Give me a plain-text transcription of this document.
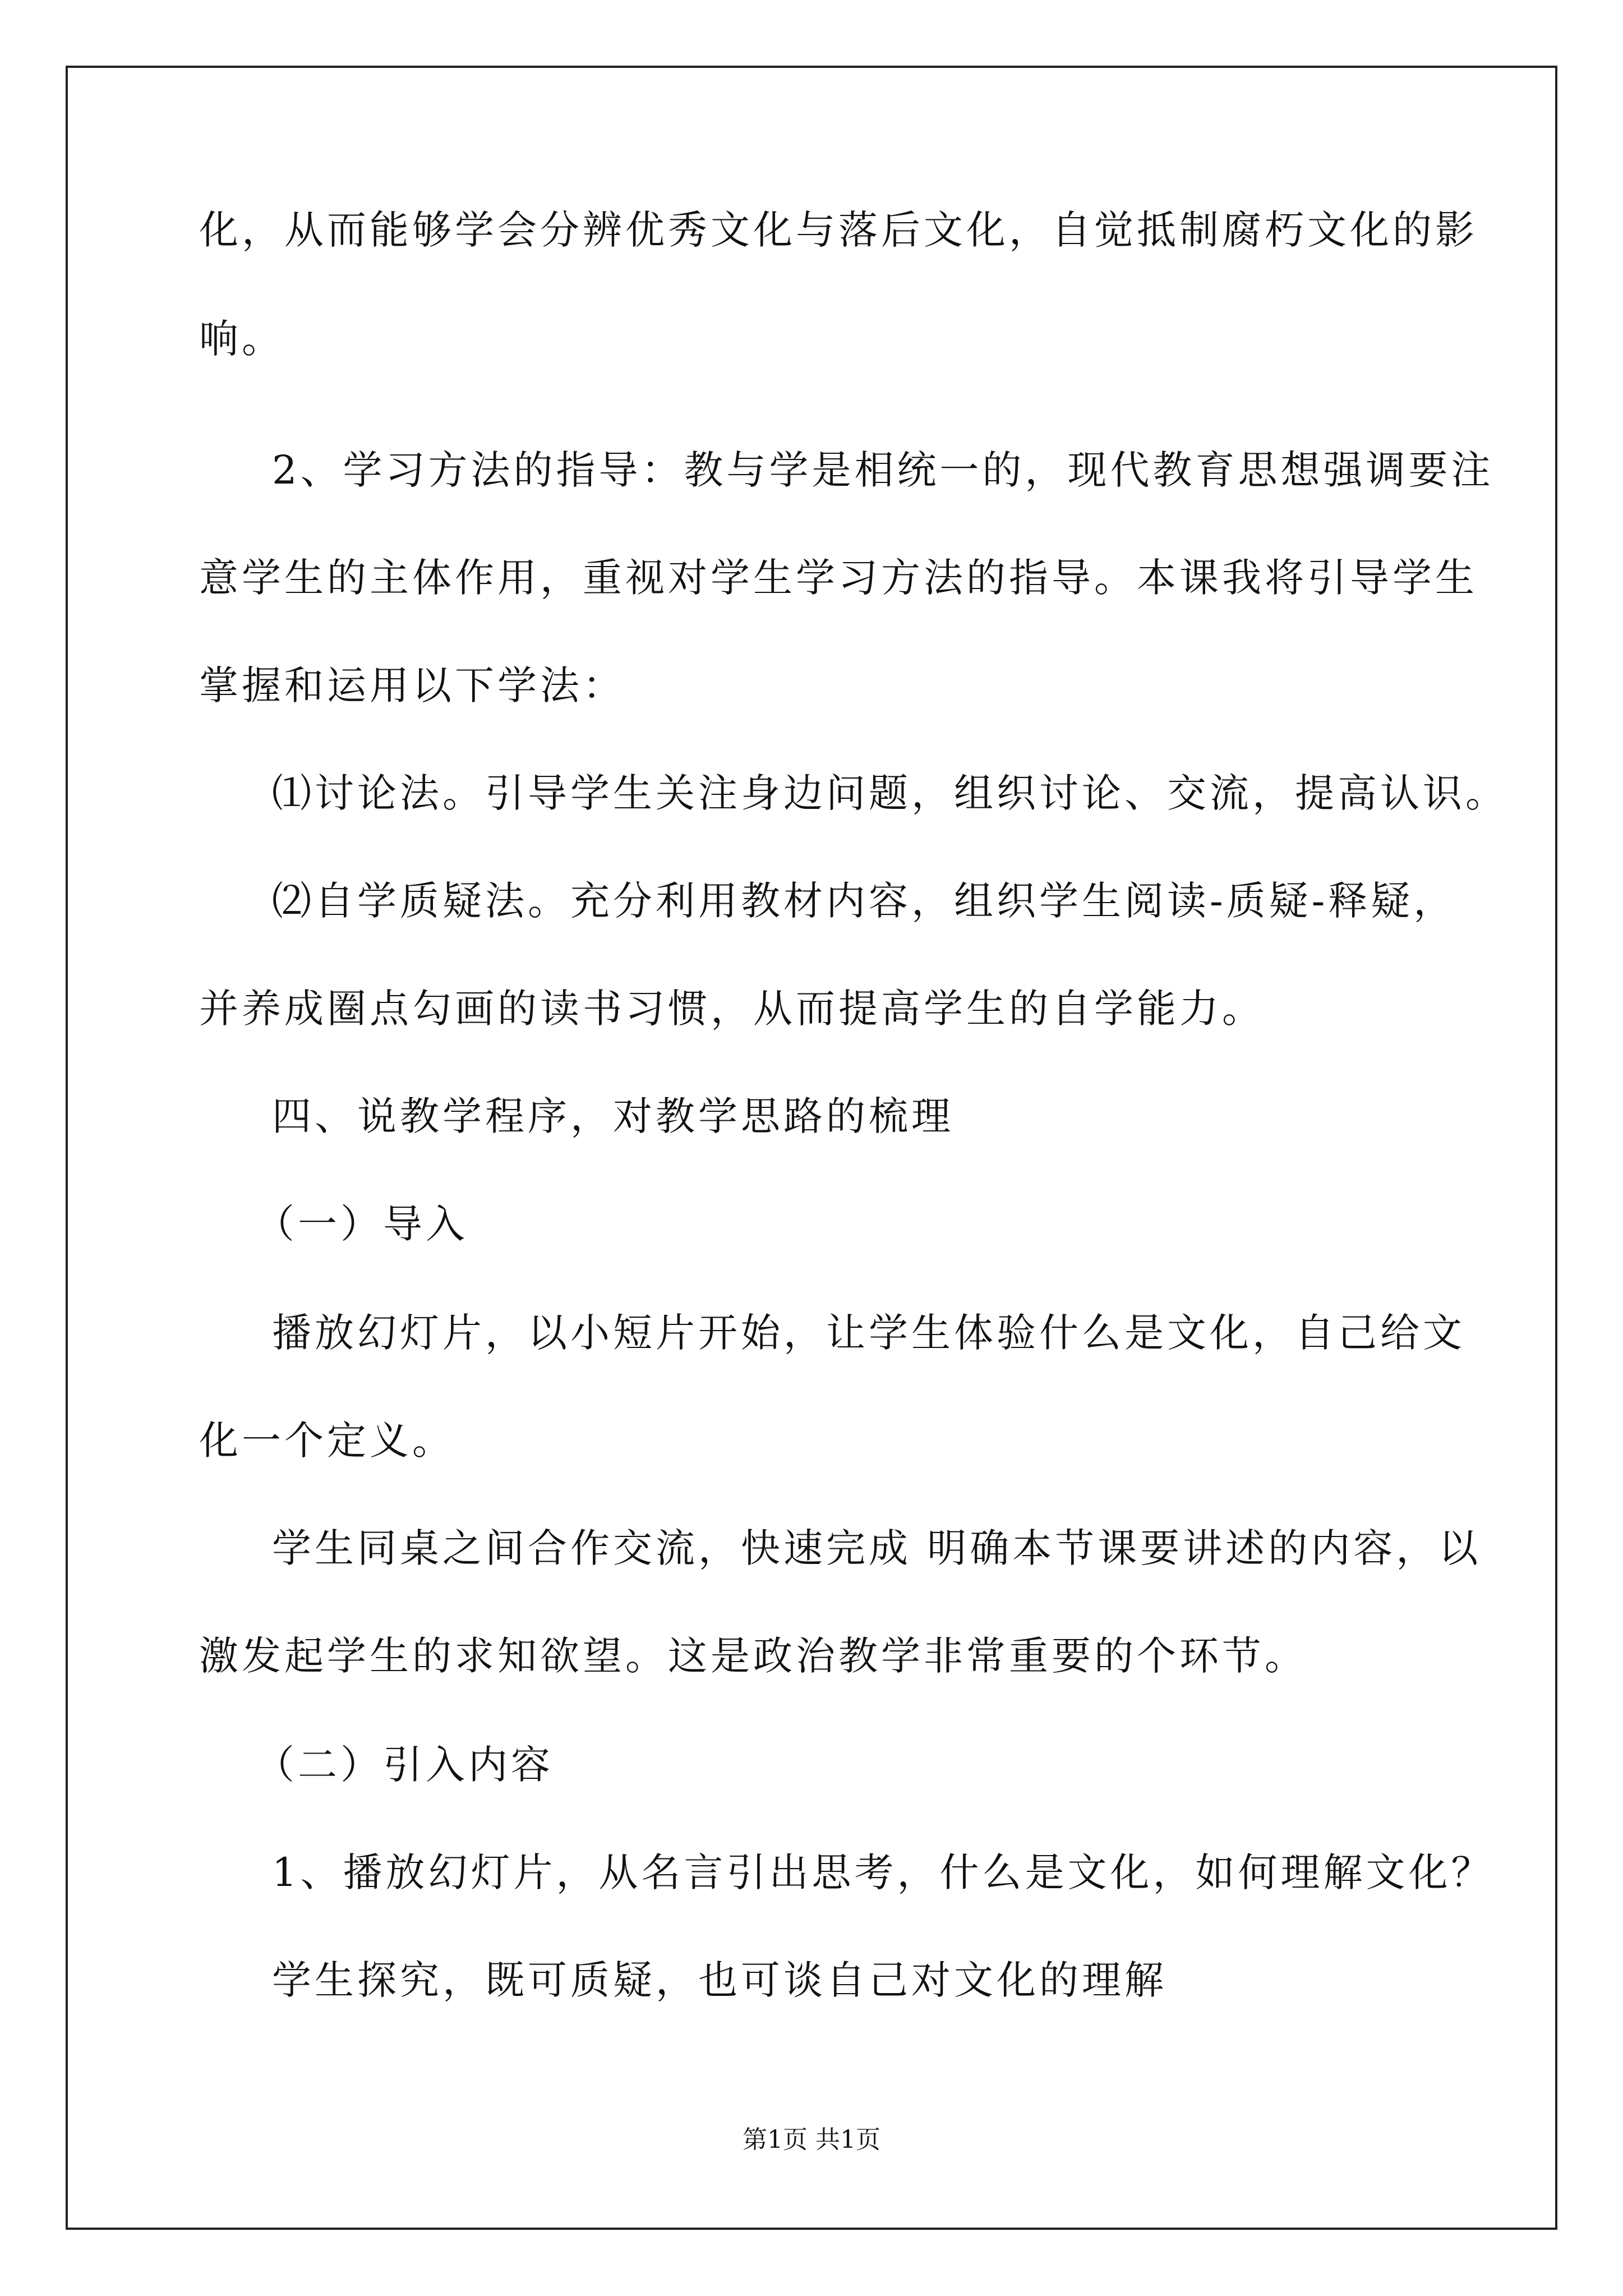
化，从而能够学会分辨优秀文化与落后文化，自觉抵制腐朽文化的影
响。
2、学习方法的指导：教与学是相统一的，现代教育思想强调要注
意学生的主体作用，重视对学生学习方法的指导。本课我将引导学生
掌握和运用以下学法：
⑴讨论法。引导学生关注身边问题，组织讨论、交流，提高认识。
⑵自学质疑法。充分利用教材内容，组织学生阅读-质疑-释疑，
并养成圈点勾画的读书习惯，从而提高学生的自学能力。
四、说教学程序，对教学思路的梳理
（一）导入
播放幻灯片，以小短片开始，让学生体验什么是文化，自己给文
化一个定义。
学生同桌之间合作交流，快速完成 明确本节课要讲述的内容，以
激发起学生的求知欲望。这是政治教学非常重要的个环节。
（二）引入内容
1、播放幻灯片，从名言引出思考，什么是文化，如何理解文化？
学生探究，既可质疑，也可谈自己对文化的理解
第1页 共1页
